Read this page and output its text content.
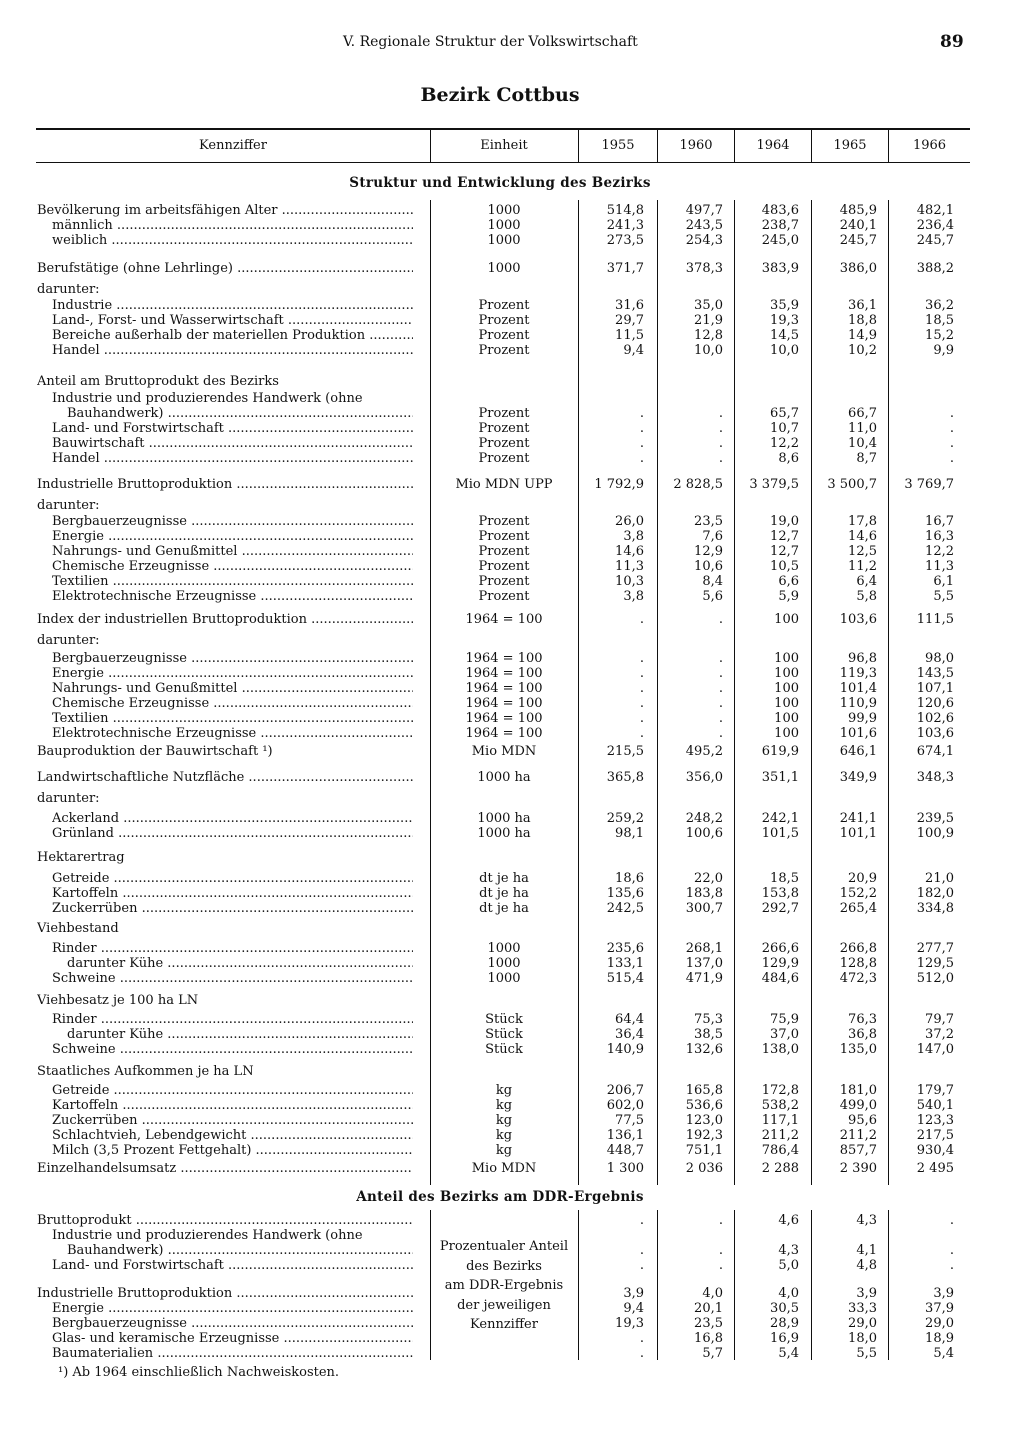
V. Regionale Struktur der Volkswirtschaft	89
Bezirk Cottbus
Kennziffer	Einheit	1955	1960	1964	1965	1966
Struktur und Entwicklung des Bezirks
Anteil des Bezirks am DDR-Ergebnis
Bevölkerung im arbeitsfähigen Alter .....	1000	514,8	497,7	483,6	485,9	482,1
männlich .....	1000	241,3	243,5	238,7	240,1	236,4
weiblich .....	1000	273,5	254,3	245,0	245,7	245,7
Berufstätige (ohne Lehrlinge) .....	1000	371,7	378,3	383,9	386,0	388,2
darunter:
Industrie .....	Prozent	31,6	35,0	35,9	36,1	36,2
Land-, Forst- und Wasserwirtschaft .....	Prozent	29,7	21,9	19,3	18,8	18,5
Bereiche außerhalb der materiellen Produktion .....	Prozent	11,5	12,8	14,5	14,9	15,2
Handel .....	Prozent	9,4	10,0	10,0	10,2	9,9
Anteil am Bruttoprodukt des Bezirks
Industrie und produzierendes Handwerk (ohne
Bauhandwerk) .....	Prozent	.	.	65,7	66,7	.
Land- und Forstwirtschaft .....	Prozent	.	.	10,7	11,0	.
Bauwirtschaft .....	Prozent	.	.	12,2	10,4	.
Handel .....	Prozent	.	.	8,6	8,7	.
Industrielle Bruttoproduktion .....	Mio MDN UPP	1 792,9	2 828,5	3 379,5	3 500,7	3 769,7
darunter:
Bergbauerzeugnisse .....	Prozent	26,0	23,5	19,0	17,8	16,7
Energie .....	Prozent	3,8	7,6	12,7	14,6	16,3
Nahrungs- und Genußmittel .....	Prozent	14,6	12,9	12,7	12,5	12,2
Chemische Erzeugnisse .....	Prozent	11,3	10,6	10,5	11,2	11,3
Textilien .....	Prozent	10,3	8,4	6,6	6,4	6,1
Elektrotechnische Erzeugnisse .....	Prozent	3,8	5,6	5,9	5,8	5,5
Index der industriellen Bruttoproduktion .....	1964 = 100	.	.	100	103,6	111,5
darunter:
Bergbauerzeugnisse .....	1964 = 100	.	.	100	96,8	98,0
Energie .....	1964 = 100	.	.	100	119,3	143,5
Nahrungs- und Genußmittel .....	1964 = 100	.	.	100	101,4	107,1
Chemische Erzeugnisse .....	1964 = 100	.	.	100	110,9	120,6
Textilien .....	1964 = 100	.	.	100	99,9	102,6
Elektrotechnische Erzeugnisse .....	1964 = 100	.	.	100	101,6	103,6
Bauproduktion der Bauwirtschaft ¹)	Mio MDN	215,5	495,2	619,9	646,1	674,1
Landwirtschaftliche Nutzfläche .....	1000 ha	365,8	356,0	351,1	349,9	348,3
darunter:
Ackerland .....	1000 ha	259,2	248,2	242,1	241,1	239,5
Grünland .....	1000 ha	98,1	100,6	101,5	101,1	100,9
Hektarertrag
Getreide .....	dt je ha	18,6	22,0	18,5	20,9	21,0
Kartoffeln .....	dt je ha	135,6	183,8	153,8	152,2	182,0
Zuckerrüben .....	dt je ha	242,5	300,7	292,7	265,4	334,8
Viehbestand
Rinder .....	1000	235,6	268,1	266,6	266,8	277,7
darunter Kühe .....	1000	133,1	137,0	129,9	128,8	129,5
Schweine .....	1000	515,4	471,9	484,6	472,3	512,0
Viehbesatz je 100 ha LN
Rinder .....	Stück	64,4	75,3	75,9	76,3	79,7
darunter Kühe .....	Stück	36,4	38,5	37,0	36,8	37,2
Schweine .....	Stück	140,9	132,6	138,0	135,0	147,0
Staatliches Aufkommen je ha LN
Getreide .....	kg	206,7	165,8	172,8	181,0	179,7
Kartoffeln .....	kg	602,0	536,6	538,2	499,0	540,1
Zuckerrüben .....	kg	77,5	123,0	117,1	95,6	123,3
Schlachtvieh, Lebendgewicht .....	kg	136,1	192,3	211,2	211,2	217,5
Milch (3,5 Prozent Fettgehalt) .....	kg	448,7	751,1	786,4	857,7	930,4
Einzelhandelsumsatz .....	Mio MDN	1 300	2 036	2 288	2 390	2 495
Bruttoprodukt .....	.	.	4,6	4,3	.
Industrie und produzierendes Handwerk (ohne
Bauhandwerk) .....	.	.	4,3	4,1	.
Land- und Forstwirtschaft .....	.	.	5,0	4,8	.
Industrielle Bruttoproduktion .....	3,9	4,0	4,0	3,9	3,9
Energie .....	9,4	20,1	30,5	33,3	37,9
Bergbauerzeugnisse .....	19,3	23,5	28,9	29,0	29,0
Glas- und keramische Erzeugnisse .....	.	16,8	16,9	18,0	18,9
Baumaterialien .....	.	5,7	5,4	5,5	5,4
Prozentualer Anteil
des Bezirks
am DDR-Ergebnis
der jeweiligen
Kennziffer
¹) Ab 1964 einschließlich Nachweiskosten.
